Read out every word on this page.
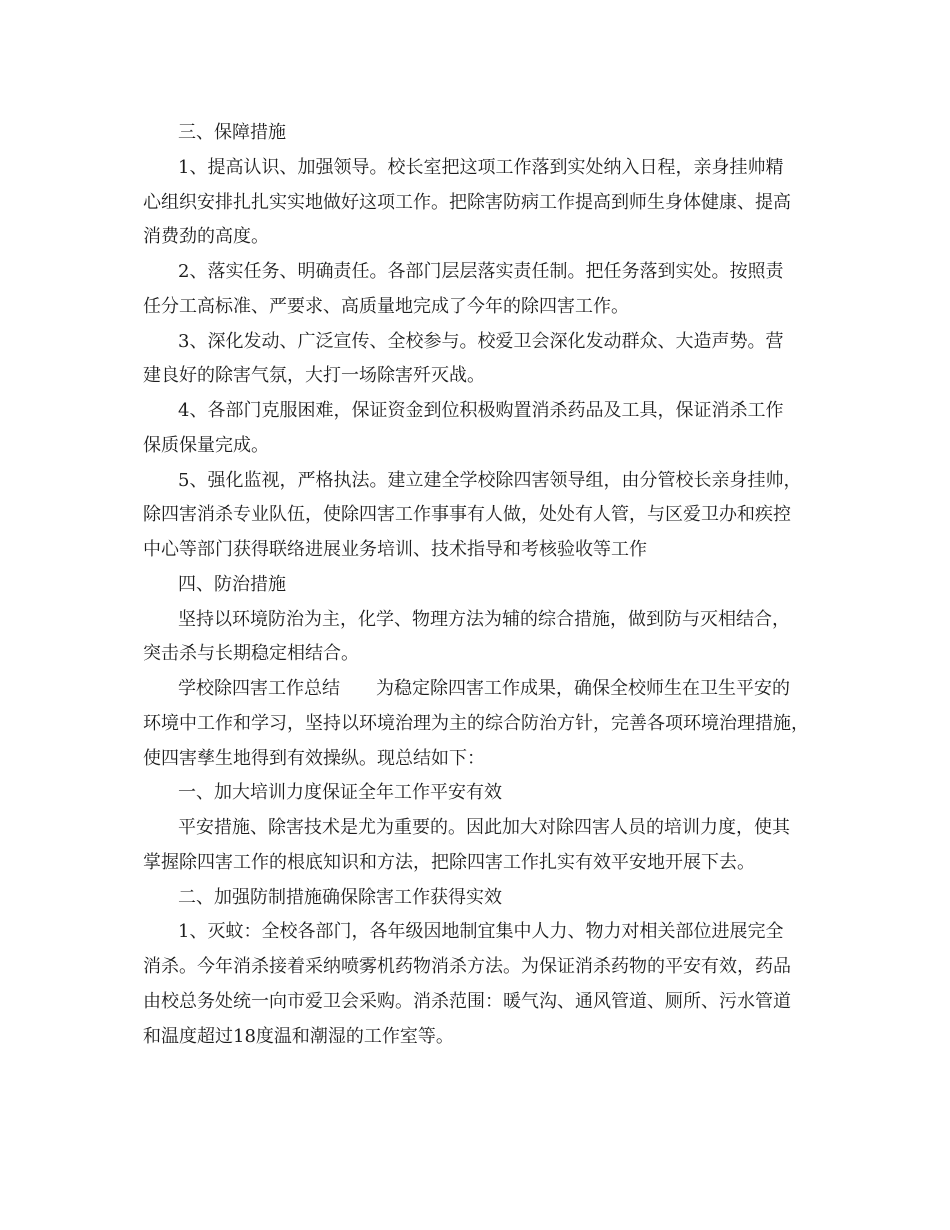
三、保障措施
1、提高认识、加强领导。校长室把这项工作落到实处纳入日程，亲身挂帅精
心组织安排扎扎实实地做好这项工作。把除害防病工作提高到师生身体健康、提高
消费劲的高度。
2、落实任务、明确责任。各部门层层落实责任制。把任务落到实处。按照责
任分工高标准、严要求、高质量地完成了今年的除四害工作。
3、深化发动、广泛宣传、全校参与。校爱卫会深化发动群众、大造声势。营
建良好的除害气氛，大打一场除害歼灭战。
4、各部门克服困难，保证资金到位积极购置消杀药品及工具，保证消杀工作
保质保量完成。
5、强化监视，严格执法。建立建全学校除四害领导组，由分管校长亲身挂帅，
除四害消杀专业队伍，使除四害工作事事有人做，处处有人管，与区爱卫办和疾控
中心等部门获得联络进展业务培训、技术指导和考核验收等工作
四、防治措施
坚持以环境防治为主，化学、物理方法为辅的综合措施，做到防与灭相结合，
突击杀与长期稳定相结合。
学校除四害工作总结　　为稳定除四害工作成果，确保全校师生在卫生平安的
环境中工作和学习，坚持以环境治理为主的综合防治方针，完善各项环境治理措施，
使四害孳生地得到有效操纵。现总结如下：
一、加大培训力度保证全年工作平安有效
平安措施、除害技术是尤为重要的。因此加大对除四害人员的培训力度，使其
掌握除四害工作的根底知识和方法，把除四害工作扎实有效平安地开展下去。
二、加强防制措施确保除害工作获得实效
1、灭蚊：全校各部门，各年级因地制宜集中人力、物力对相关部位进展完全
消杀。今年消杀接着采纳喷雾机药物消杀方法。为保证消杀药物的平安有效，药品
由校总务处统一向市爱卫会采购。消杀范围：暖气沟、通风管道、厕所、污水管道
和温度超过18度温和潮湿的工作室等。
